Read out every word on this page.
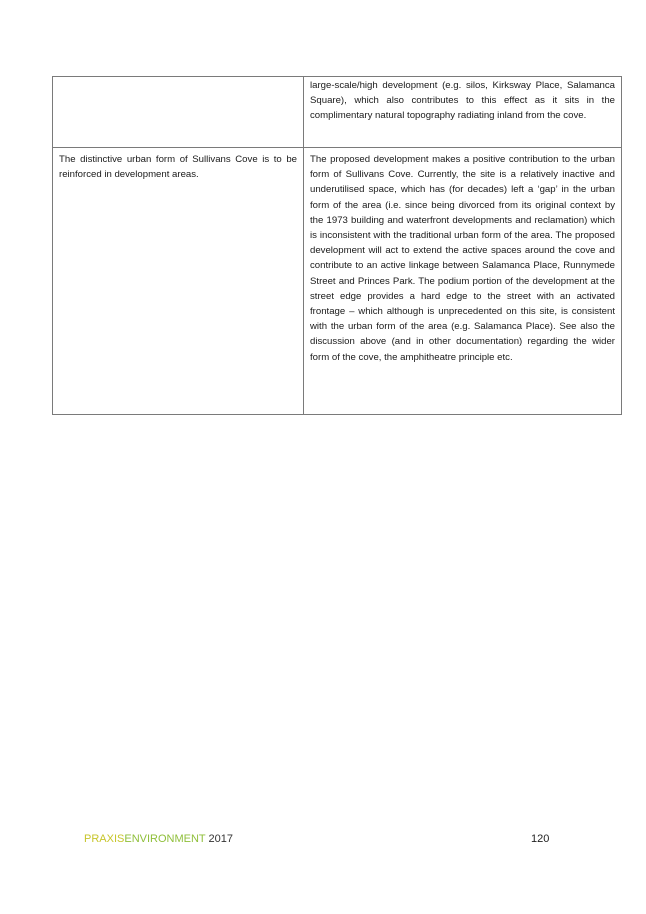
	large-scale/high development (e.g. silos, Kirksway Place, Salamanca Square), which also contributes to this effect as it sits in the complimentary natural topography radiating inland from the cove.
The distinctive urban form of Sullivans Cove is to be reinforced in development areas.	The proposed development makes a positive contribution to the urban form of Sullivans Cove. Currently, the site is a relatively inactive and underutilised space, which has (for decades) left a ‘gap’ in the urban form of the area (i.e. since being divorced from its original context by the 1973 building and waterfront developments and reclamation) which is inconsistent with the traditional urban form of the area. The proposed development will act to extend the active spaces around the cove and contribute to an active linkage between Salamanca Place, Runnymede Street and Princes Park. The podium portion of the development at the street edge provides a hard edge to the street with an activated frontage – which although is unprecedented on this site, is consistent with the urban form of the area (e.g. Salamanca Place). See also the discussion above (and in other documentation) regarding the wider form of the cove, the amphitheatre principle etc.
PRAXISENVIRONMENT 2017	120
